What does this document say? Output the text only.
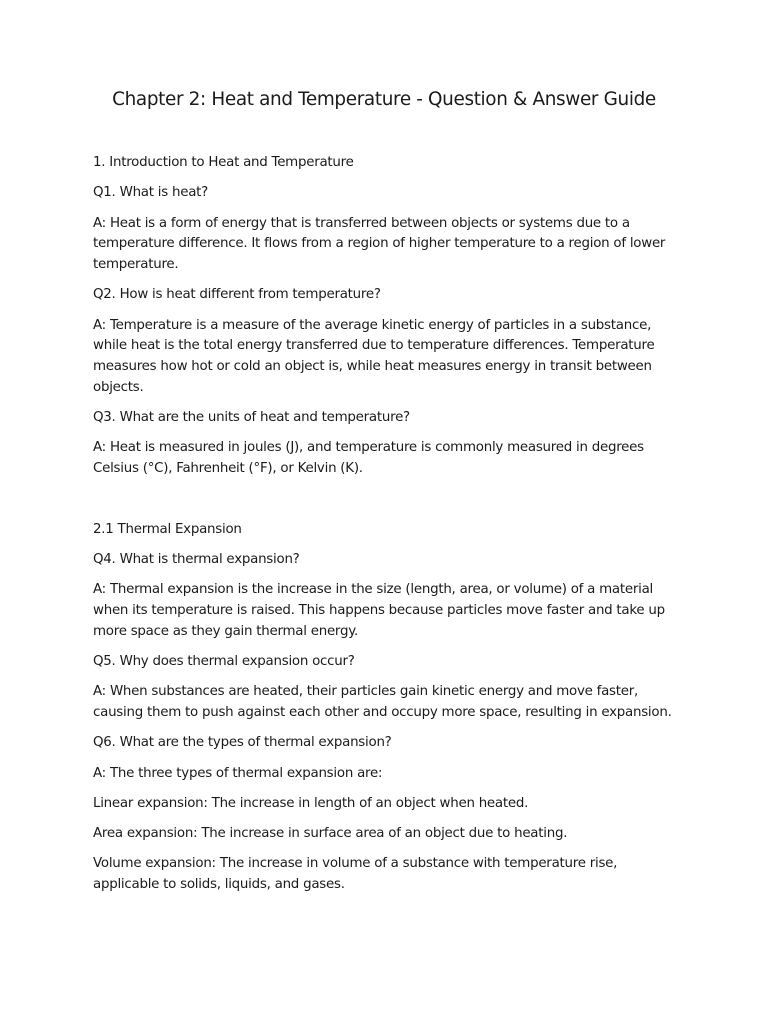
Chapter 2: Heat and Temperature - Question & Answer Guide

1. Introduction to Heat and Temperature

Q1. What is heat?

A: Heat is a form of energy that is transferred between objects or systems due to a temperature difference. It flows from a region of higher temperature to a region of lower temperature.

Q2. How is heat different from temperature?

A: Temperature is a measure of the average kinetic energy of particles in a substance, while heat is the total energy transferred due to temperature differences. Temperature measures how hot or cold an object is, while heat measures energy in transit between objects.

Q3. What are the units of heat and temperature?

A: Heat is measured in joules (J), and temperature is commonly measured in degrees Celsius (°C), Fahrenheit (°F), or Kelvin (K).

2.1 Thermal Expansion

Q4. What is thermal expansion?

A: Thermal expansion is the increase in the size (length, area, or volume) of a material when its temperature is raised. This happens because particles move faster and take up more space as they gain thermal energy.

Q5. Why does thermal expansion occur?

A: When substances are heated, their particles gain kinetic energy and move faster, causing them to push against each other and occupy more space, resulting in expansion.

Q6. What are the types of thermal expansion?

A: The three types of thermal expansion are:

Linear expansion: The increase in length of an object when heated.

Area expansion: The increase in surface area of an object due to heating.

Volume expansion: The increase in volume of a substance with temperature rise, applicable to solids, liquids, and gases.
